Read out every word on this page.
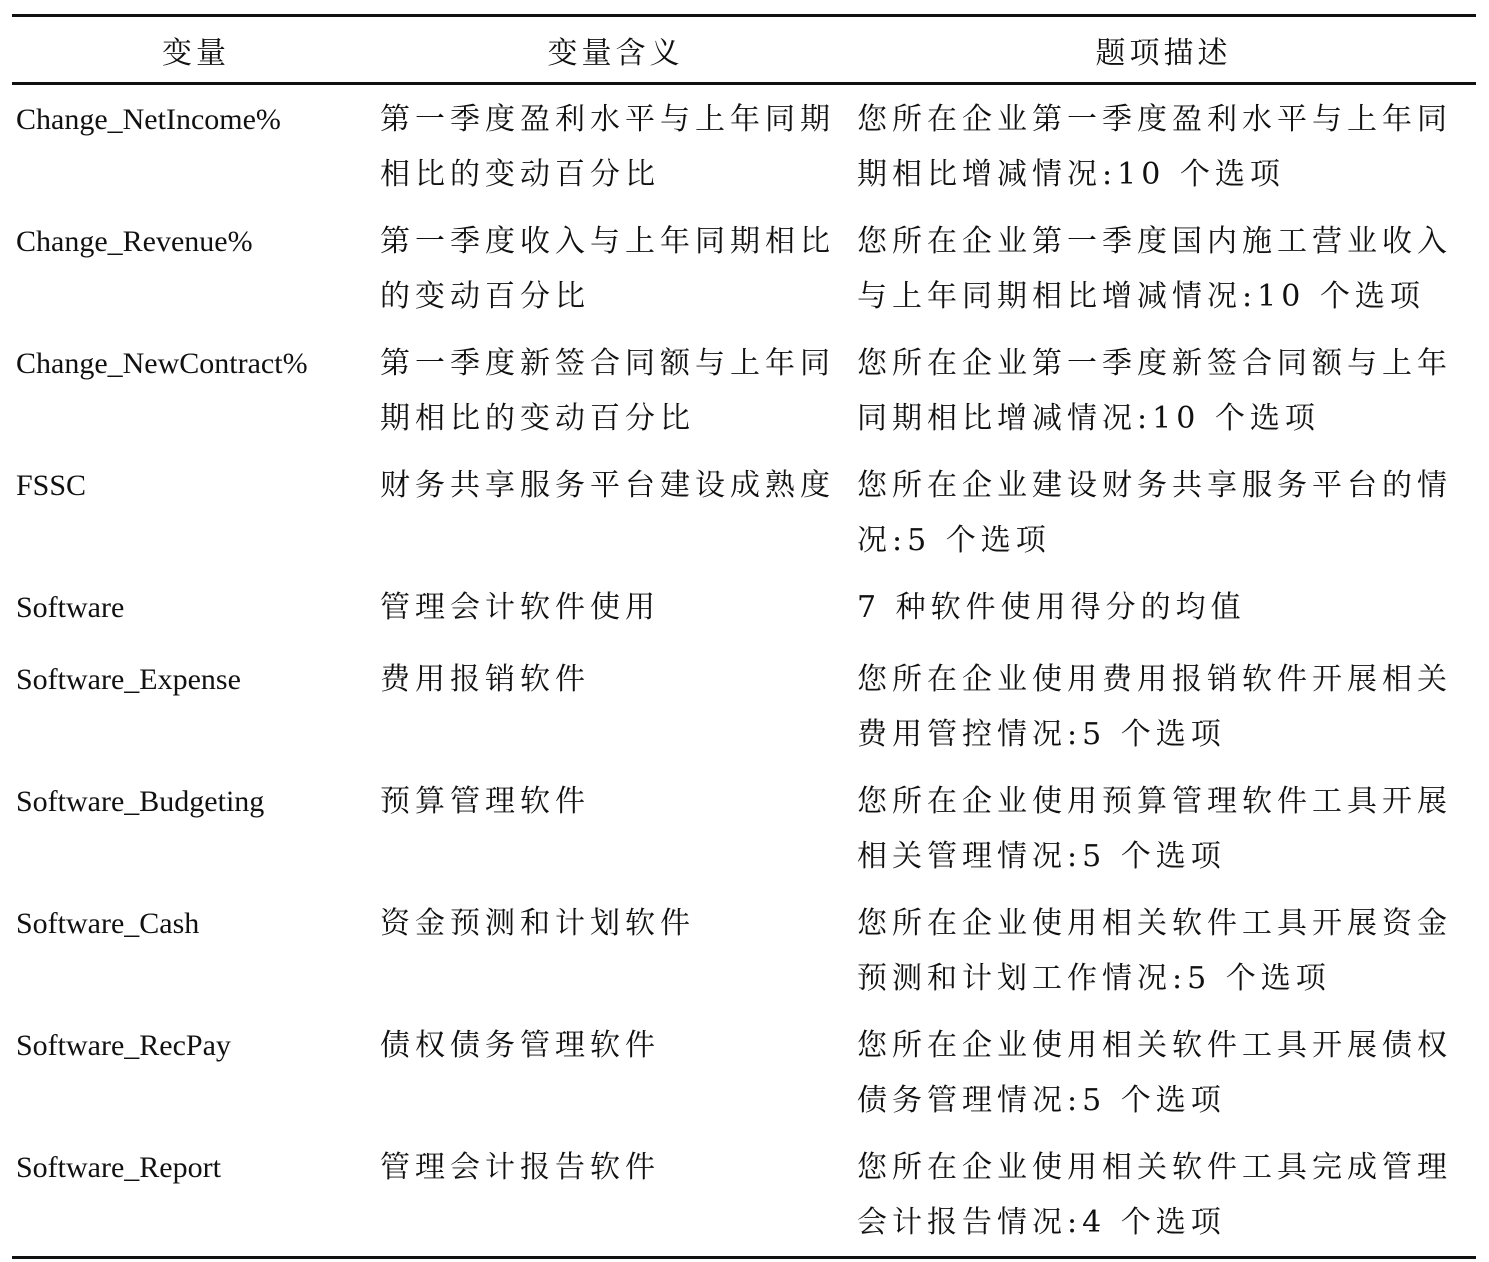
变量	变量含义	题项描述
Change_NetIncome%	第一季度盈利水平与上年同期相比的变动百分比	您所在企业第一季度盈利水平与上年同期相比增减情况:10 个选项
Change_Revenue%	第一季度收入与上年同期相比的变动百分比	您所在企业第一季度国内施工营业收入与上年同期相比增减情况:10 个选项
Change_NewContract%	第一季度新签合同额与上年同期相比的变动百分比	您所在企业第一季度新签合同额与上年同期相比增减情况:10 个选项
FSSC	财务共享服务平台建设成熟度	您所在企业建设财务共享服务平台的情况:5 个选项
Software	管理会计软件使用	7 种软件使用得分的均值
Software_Expense	费用报销软件	您所在企业使用费用报销软件开展相关费用管控情况:5 个选项
Software_Budgeting	预算管理软件	您所在企业使用预算管理软件工具开展相关管理情况:5 个选项
Software_Cash	资金预测和计划软件	您所在企业使用相关软件工具开展资金预测和计划工作情况:5 个选项
Software_RecPay	债权债务管理软件	您所在企业使用相关软件工具开展债权债务管理情况:5 个选项
Software_Report	管理会计报告软件	您所在企业使用相关软件工具完成管理会计报告情况:4 个选项
